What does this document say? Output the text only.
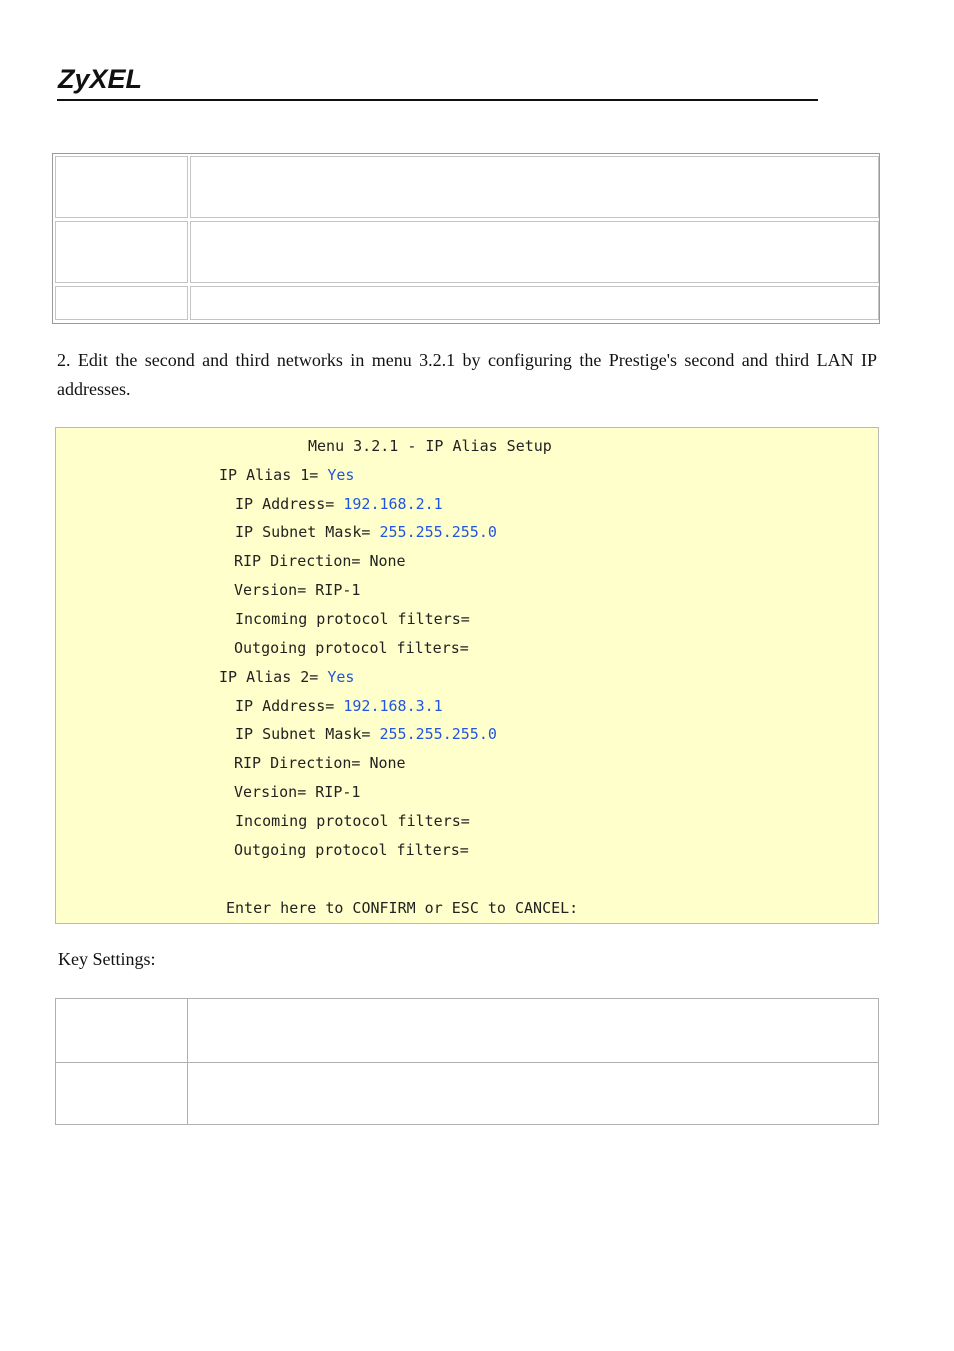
ZyXEL
2. Edit the second and third networks in menu 3.2.1 by configuring the Prestige's second and third LAN IP addresses.
Menu 3.2.1 - IP Alias Setup
IP Alias 1= Yes
IP Address= 192.168.2.1
IP Subnet Mask= 255.255.255.0
RIP Direction= None
Version= RIP-1
Incoming protocol filters=
Outgoing protocol filters=
IP Alias 2= Yes
IP Address= 192.168.3.1
IP Subnet Mask= 255.255.255.0
RIP Direction= None
Version= RIP-1
Incoming protocol filters=
Outgoing protocol filters=
Enter here to CONFIRM or ESC to CANCEL:
Key Settings:
